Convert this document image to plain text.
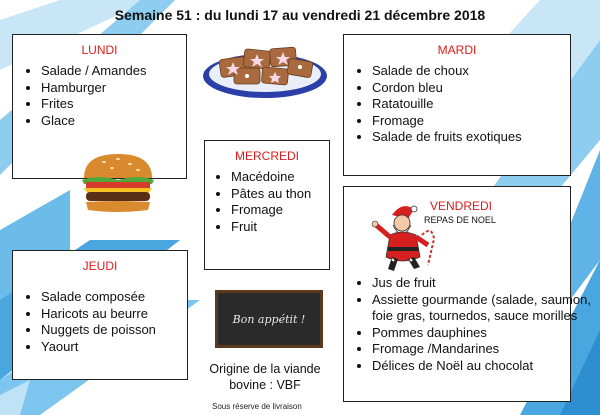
Semaine 51 : du lundi 17 au vendredi 21 décembre 2018
LUNDI
• Salade / Amandes
• Hamburger
• Frites
• Glace
MARDI
• Salade de choux
• Cordon bleu
• Ratatouille
• Fromage
• Salade de fruits exotiques
MERCREDI
• Macédoine
• Pâtes au thon
• Fromage
• Fruit
JEUDI
• Salade composée
• Haricots au beurre
• Nuggets de poisson
• Yaourt
VENDREDI
REPAS DE NOEL
• Jus de fruit
• Assiette gourmande (salade, saumon, foie gras, tournedos, sauce morilles
• Pommes dauphines
• Fromage /Mandarines
• Délices de Noël au chocolat
Bon appétit !
Origine de la viande
bovine : VBF
Sous réserve de livraison
